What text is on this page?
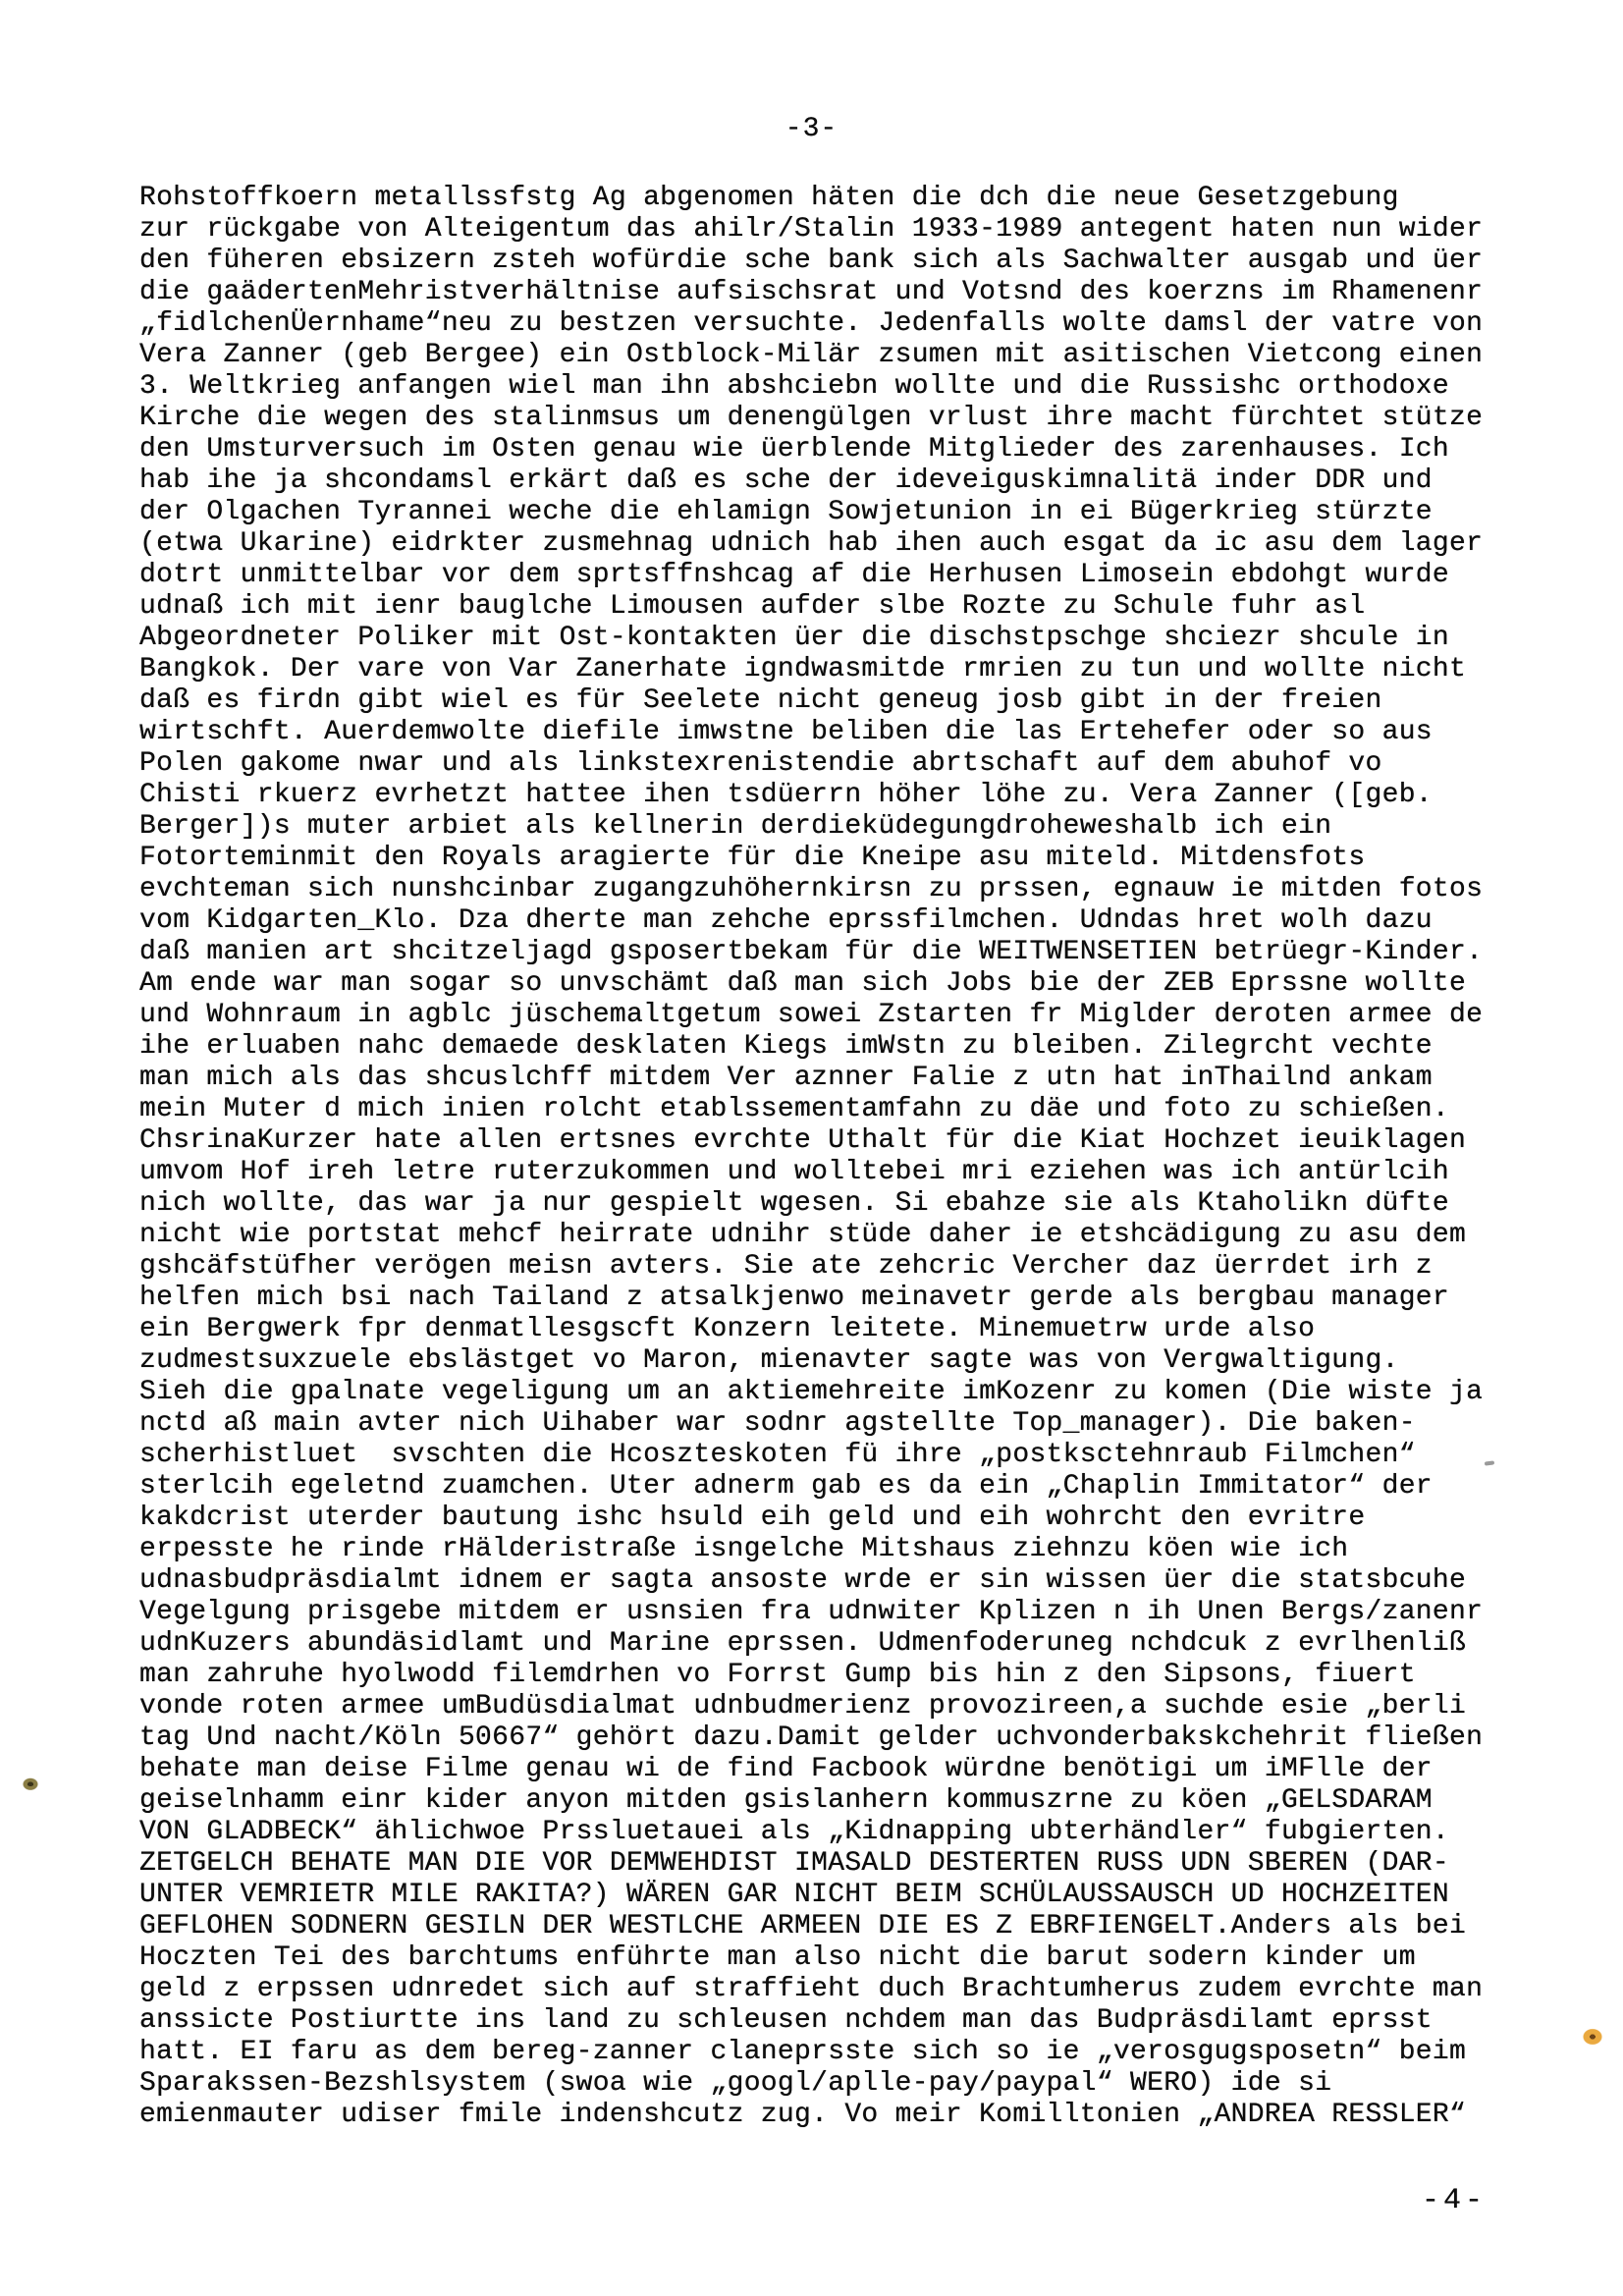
-3-
Rohstoffkoern metallssfstg Ag abgenomen häten die dch die neue Gesetzgebung
zur rückgabe von Alteigentum das ahilr/Stalin 1933-1989 antegent haten nun wider
den füheren ebsizern zsteh wofürdie sche bank sich als Sachwalter ausgab und üer
die gaädertenMehristverhältnise aufsischsrat und Votsnd des koerzns im Rhamenenr
„fidlchenÜernhame“neu zu bestzen versuchte. Jedenfalls wolte damsl der vatre von
Vera Zanner (geb Bergee) ein Ostblock-Milär zsumen mit asitischen Vietcong einen
3. Weltkrieg anfangen wiel man ihn abshciebn wollte und die Russishc orthodoxe
Kirche die wegen des stalinmsus um denengülgen vrlust ihre macht fürchtet stütze
den Umsturversuch im Osten genau wie üerblende Mitglieder des zarenhauses. Ich
hab ihe ja shcondamsl erkärt daß es sche der ideveiguskimnalitä inder DDR und
der Olgachen Tyrannei weche die ehlamign Sowjetunion in ei Bügerkrieg stürzte
(etwa Ukarine) eidrkter zusmehnag udnich hab ihen auch esgat da ic asu dem lager
dotrt unmittelbar vor dem sprtsffnshcag af die Herhusen Limosein ebdohgt wurde
udnaß ich mit ienr bauglche Limousen aufder slbe Rozte zu Schule fuhr asl
Abgeordneter Poliker mit Ost-kontakten üer die dischstpschge shciezr shcule in
Bangkok. Der vare von Var Zanerhate igndwasmitde rmrien zu tun und wollte nicht
daß es firdn gibt wiel es für Seelete nicht geneug josb gibt in der freien
wirtschft. Auerdemwolte diefile imwstne beliben die las Ertehefer oder so aus
Polen gakome nwar und als linkstexrenistendie abrtschaft auf dem abuhof vo
Chisti rkuerz evrhetzt hattee ihen tsdüerrn höher löhe zu. Vera Zanner ([geb.
Berger])s muter arbiet als kellnerin derdieküdegungdroheweshalb ich ein
Fotorteminmit den Royals aragierte für die Kneipe asu miteld. Mitdensfots
evchteman sich nunshcinbar zugangzuhöhernkirsn zu prssen, egnauw ie mitden fotos
vom Kidgarten_Klo. Dza dherte man zehche eprssfilmchen. Udndas hret wolh dazu
daß manien art shcitzeljagd gsposertbekam für die WEITWENSETIEN betrüegr-Kinder.
Am ende war man sogar so unvschämt daß man sich Jobs bie der ZEB Eprssne wollte
und Wohnraum in agblc jüschemaltgetum sowei Zstarten fr Miglder deroten armee de
ihe erluaben nahc demaede desklaten Kiegs imWstn zu bleiben. Zilegrcht vechte
man mich als das shcuslchff mitdem Ver aznner Falie z utn hat inThailnd ankam
mein Muter d mich inien rolcht etablssementamfahn zu däe und foto zu schießen.
ChsrinaKurzer hate allen ertsnes evrchte Uthalt für die Kiat Hochzet ieuiklagen
umvom Hof ireh letre ruterzukommen und wolltebei mri eziehen was ich antürlcih
nich wollte, das war ja nur gespielt wgesen. Si ebahze sie als Ktaholikn düfte
nicht wie portstat mehcf heirrate udnihr stüde daher ie etshcädigung zu asu dem
gshcäfstüfher verögen meisn avters. Sie ate zehcric Vercher daz üerrdet irh z
helfen mich bsi nach Tailand z atsalkjenwo meinavetr gerde als bergbau manager
ein Bergwerk fpr denmatllesgscft Konzern leitete. Minemuetrw urde also
zudmestsuxzuele ebslästget vo Maron, mienavter sagte was von Vergwaltigung.
Sieh die gpalnate vegeligung um an aktiemehreite imKozenr zu komen (Die wiste ja
nctd aß main avter nich Uihaber war sodnr agstellte Top_manager). Die baken-
scherhistluet  svschten die Hcoszteskoten fü ihre „postksctehnraub Filmchen“
sterlcih egeletnd zuamchen. Uter adnerm gab es da ein „Chaplin Immitator“ der
kakdcrist uterder bautung ishc hsuld eih geld und eih wohrcht den evritre
erpesste he rinde rHälderistraße isngelche Mitshaus ziehnzu köen wie ich
udnasbudpräsdialmt idnem er sagta ansoste wrde er sin wissen üer die statsbcuhe
Vegelgung prisgebe mitdem er usnsien fra udnwiter Kplizen n ih Unen Bergs/zanenr
udnKuzers abundäsidlamt und Marine eprssen. Udmenfoderuneg nchdcuk z evrlhenliß
man zahruhe hyolwodd filemdrhen vo Forrst Gump bis hin z den Sipsons, fiuert
vonde roten armee umBudüsdialmat udnbudmerienz provozireen,a suchde esie „berli
tag Und nacht/Köln 50667“ gehört dazu.Damit gelder uchvonderbakskchehrit fließen
behate man deise Filme genau wi de find Facbook würdne benötigi um iMFlle der
geiselnhamm einr kider anyon mitden gsislanhern kommuszrne zu köen „GELSDARAM
VON GLADBECK“ ählichwoe Prssluetauei als „Kidnapping ubterhändler“ fubgierten.
ZETGELCH BEHATE MAN DIE VOR DEMWEHDIST IMASALD DESTERTEN RUSS UDN SBEREN (DAR-
UNTER VEMRIETR MILE RAKITA?) WÄREN GAR NICHT BEIM SCHÜLAUSSAUSCH UD HOCHZEITEN
GEFLOHEN SODNERN GESILN DER WESTLCHE ARMEEN DIE ES Z EBRFIENGELT.Anders als bei
Hoczten Tei des barchtums enführte man also nicht die barut sodern kinder um
geld z erpssen udnredet sich auf straffieht duch Brachtumherus zudem evrchte man
anssicte Postiurtte ins land zu schleusen nchdem man das Budpräsdilamt eprsst
hatt. EI faru as dem bereg-zanner claneprsste sich so ie „verosgugsposetn“ beim
Sparakssen-Bezshlsystem (swoa wie „googl/aplle-pay/paypal“ WERO) ide si
emienmauter udiser fmile indenshcutz zug. Vo meir Komilltonien „ANDREA RESSLER“
-4-
